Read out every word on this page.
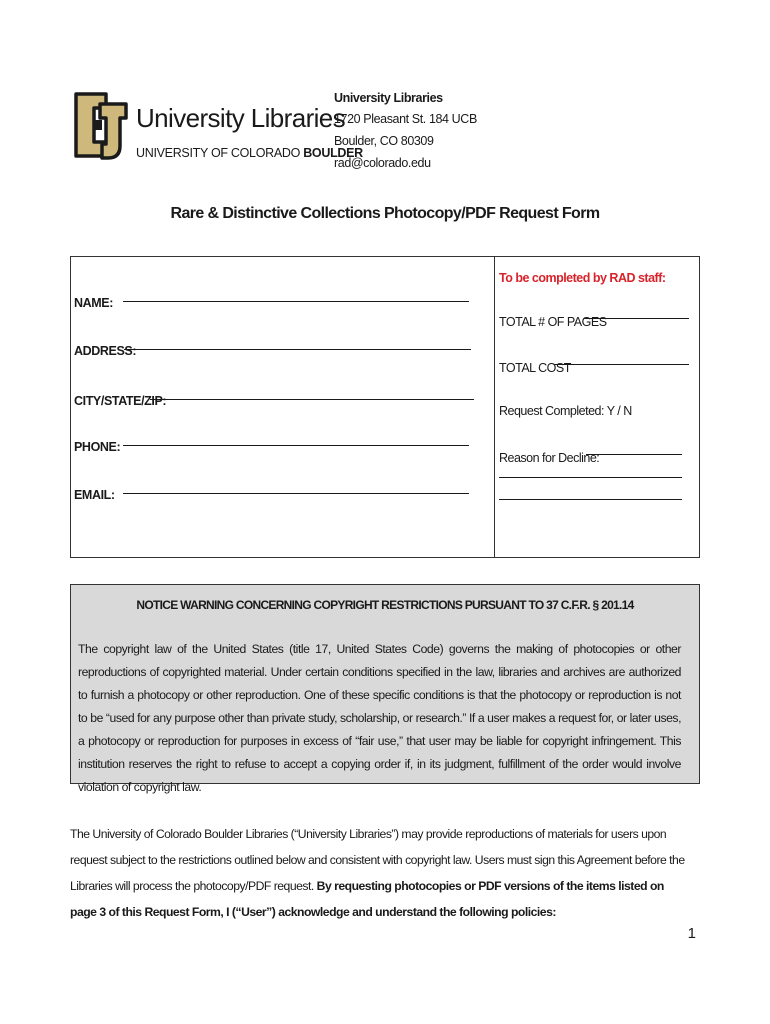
University Libraries
UNIVERSITY OF COLORADO BOULDER
University Libraries
1720 Pleasant St. 184 UCB
Boulder, CO 80309
rad@colorado.edu
Rare & Distinctive Collections Photocopy/PDF Request Form
NAME:
ADDRESS:
CITY/STATE/ZIP:
PHONE:
EMAIL:
To be completed by RAD staff:
TOTAL # OF PAGES
TOTAL COST
Request Completed: Y / N
Reason for Decline:
NOTICE WARNING CONCERNING COPYRIGHT RESTRICTIONS PURSUANT TO 37 C.F.R. § 201.14
The copyright law of the United States (title 17, United States Code) governs the making of photocopies or other reproductions of copyrighted material. Under certain conditions specified in the law, libraries and archives are authorized to furnish a photocopy or other reproduction. One of these specific conditions is that the photocopy or reproduction is not to be “used for any purpose other than private study, scholarship, or research.” If a user makes a request for, or later uses, a photocopy or reproduction for purposes in excess of “fair use,” that user may be liable for copyright infringement. This institution reserves the right to refuse to accept a copying order if, in its judgment, fulfillment of the order would involve violation of copyright law.
The University of Colorado Boulder Libraries (“University Libraries”) may provide reproductions of materials for users upon request subject to the restrictions outlined below and consistent with copyright law. Users must sign this Agreement before the Libraries will process the photocopy/PDF request. By requesting photocopies or PDF versions of the items listed on page 3 of this Request Form, I (“User”) acknowledge and understand the following policies:
1
